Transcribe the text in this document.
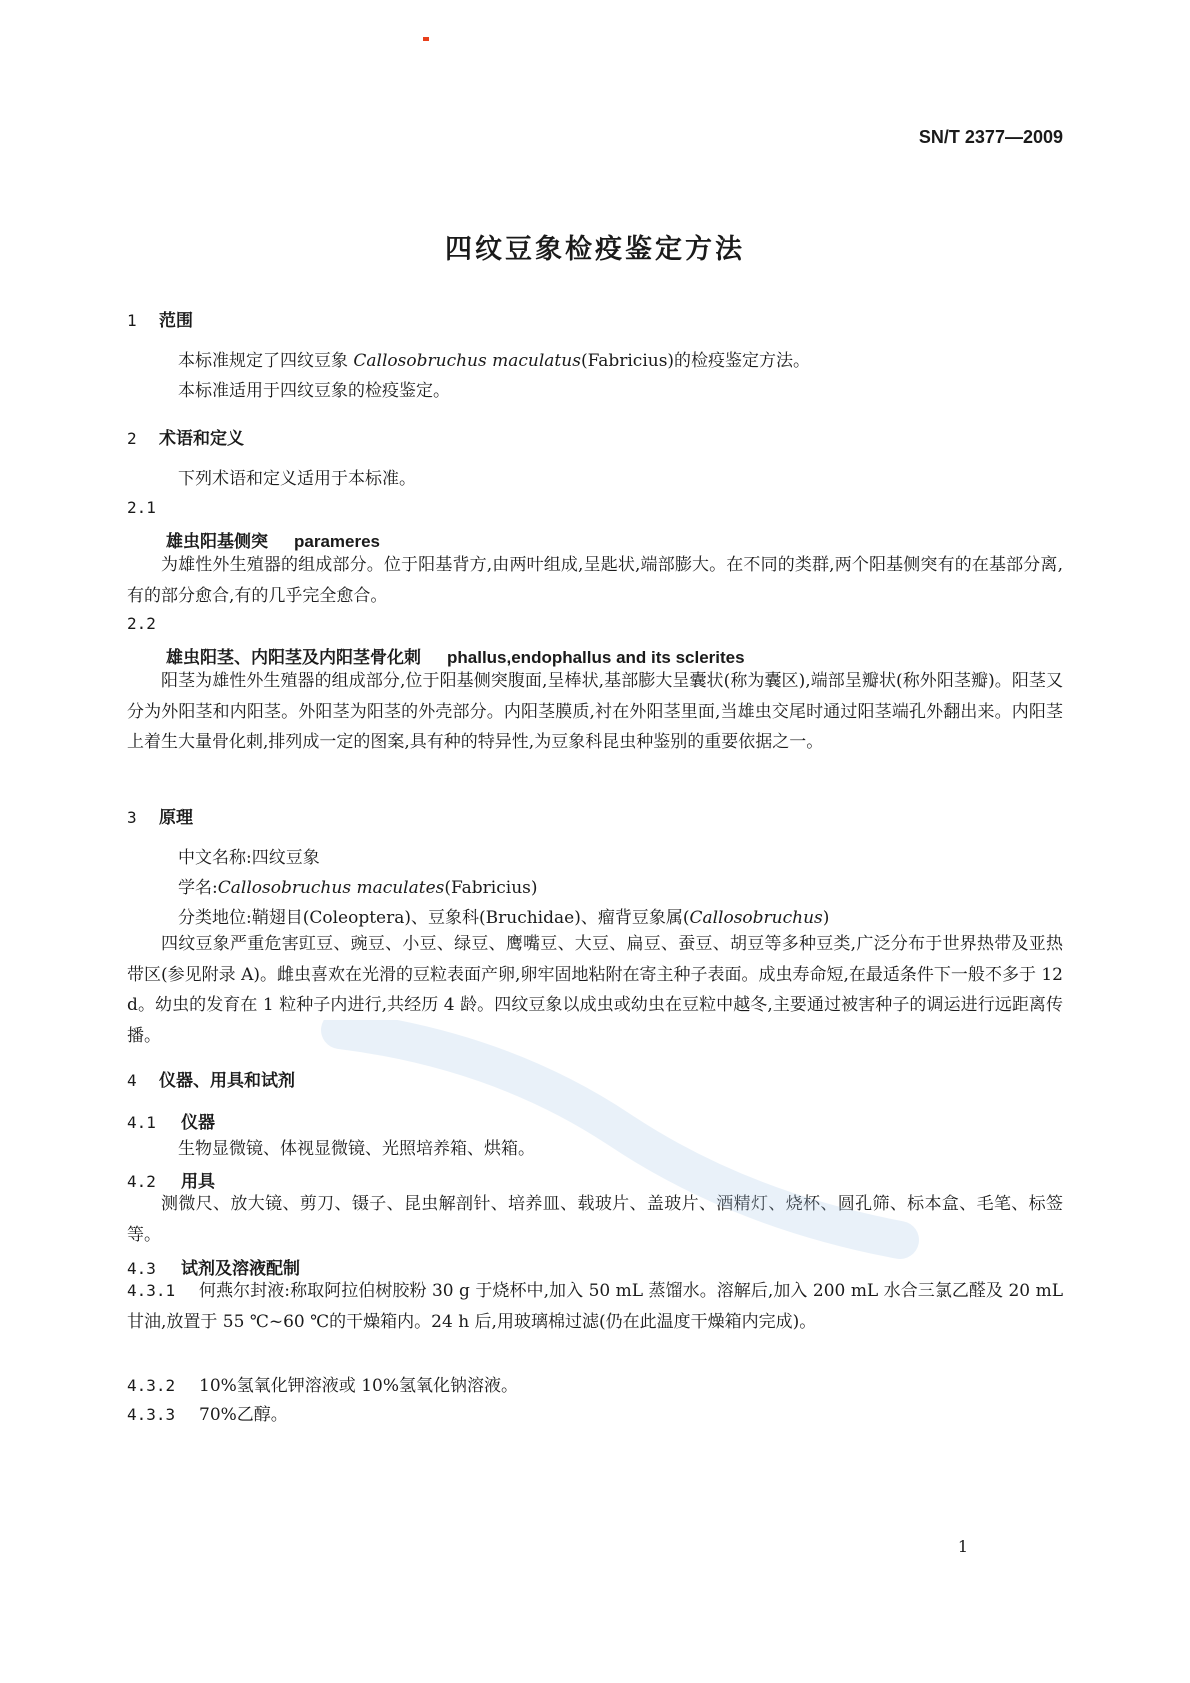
SN/T 2377—2009
四纹豆象检疫鉴定方法
1 范围
本标准规定了四纹豆象 Callosobruchus maculatus(Fabricius)的检疫鉴定方法。
本标准适用于四纹豆象的检疫鉴定。
2 术语和定义
下列术语和定义适用于本标准。
2.1
雄虫阳基侧突 parameres
为雄性外生殖器的组成部分。位于阳基背方,由两叶组成,呈匙状,端部膨大。在不同的类群,两个阳基侧突有的在基部分离,有的部分愈合,有的几乎完全愈合。
2.2
雄虫阳茎、内阳茎及内阳茎骨化刺 phallus,endophallus and its sclerites
阳茎为雄性外生殖器的组成部分,位于阳基侧突腹面,呈棒状,基部膨大呈囊状(称为囊区),端部呈瓣状(称外阳茎瓣)。阳茎又分为外阳茎和内阳茎。外阳茎为阳茎的外壳部分。内阳茎膜质,衬在外阳茎里面,当雄虫交尾时通过阳茎端孔外翻出来。内阳茎上着生大量骨化刺,排列成一定的图案,具有种的特异性,为豆象科昆虫种鉴别的重要依据之一。
3 原理
中文名称:四纹豆象
学名:Callosobruchus maculates(Fabricius)
分类地位:鞘翅目(Coleoptera)、豆象科(Bruchidae)、瘤背豆象属(Callosobruchus)
四纹豆象严重危害豇豆、豌豆、小豆、绿豆、鹰嘴豆、大豆、扁豆、蚕豆、胡豆等多种豆类,广泛分布于世界热带及亚热带区(参见附录 A)。雌虫喜欢在光滑的豆粒表面产卵,卵牢固地粘附在寄主种子表面。成虫寿命短,在最适条件下一般不多于 12 d。幼虫的发育在 1 粒种子内进行,共经历 4 龄。四纹豆象以成虫或幼虫在豆粒中越冬,主要通过被害种子的调运进行远距离传播。
4 仪器、用具和试剂
4.1 仪器
生物显微镜、体视显微镜、光照培养箱、烘箱。
4.2 用具
测微尺、放大镜、剪刀、镊子、昆虫解剖针、培养皿、载玻片、盖玻片、酒精灯、烧杯、圆孔筛、标本盒、毛笔、标签等。
4.3 试剂及溶液配制
4.3.1 何燕尔封液:称取阿拉伯树胶粉 30 g 于烧杯中,加入 50 mL 蒸馏水。溶解后,加入 200 mL 水合三氯乙醛及 20 mL 甘油,放置于 55 ℃~60 ℃的干燥箱内。24 h 后,用玻璃棉过滤(仍在此温度干燥箱内完成)。
4.3.2 10%氢氧化钾溶液或 10%氢氧化钠溶液。
4.3.3 70%乙醇。
1
